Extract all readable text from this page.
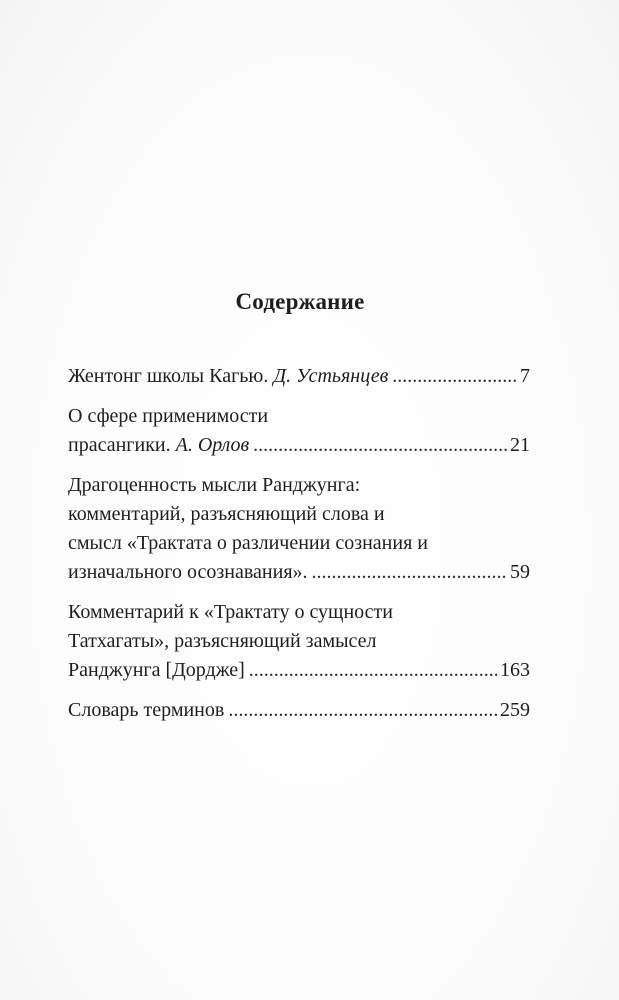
Содержание
Жентонг школы Кагью. Д. Устьянцев .....	7
О сфере применимости
прасангики. А. Орлов .....	21
Драгоценность мысли Ранджунга:
комментарий, разъясняющий слова и
смысл «Трактата о различении сознания и
изначального осознавания». .....	59
Комментарий к «Трактату о сущности
Татхагаты», разъясняющий замысел
Ранджунга [Дордже] .....	163
Словарь терминов .....	259
